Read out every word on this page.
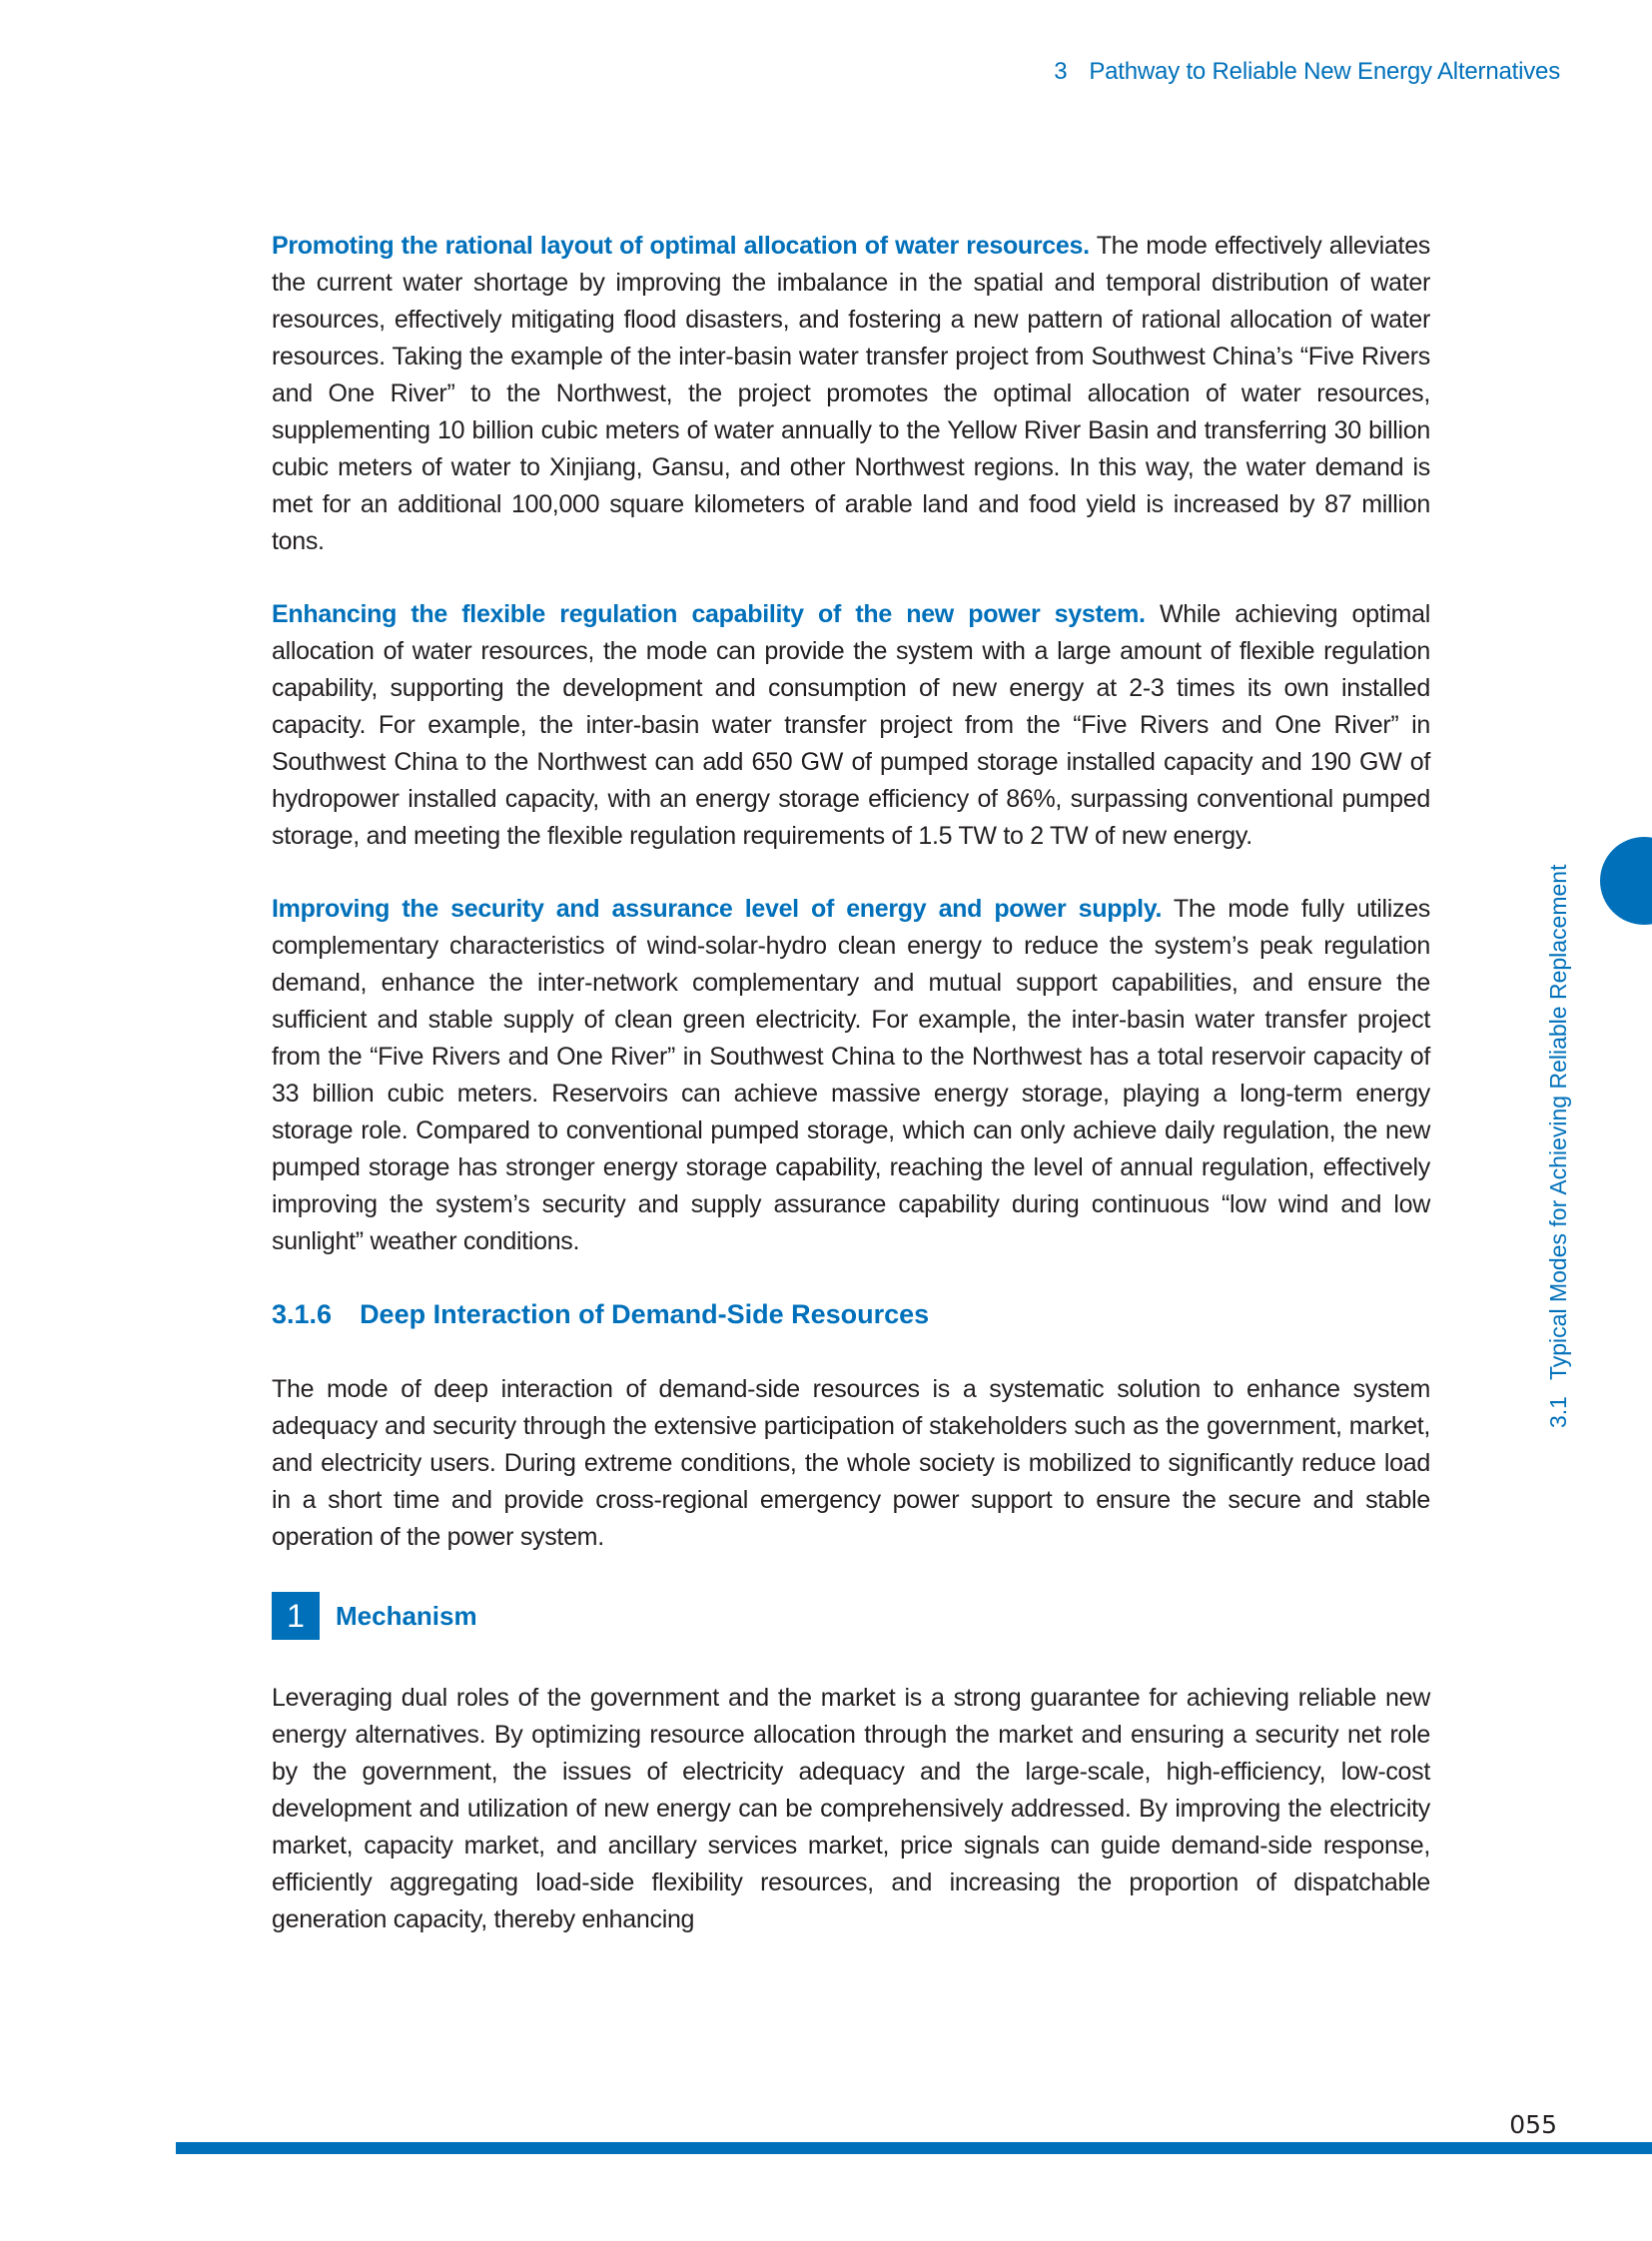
3 Pathway to Reliable New Energy Alternatives

Promoting the rational layout of optimal allocation of water resources. The mode effectively alleviates the current water shortage by improving the imbalance in the spatial and temporal distribution of water resources, effectively mitigating flood disasters, and fostering a new pattern of rational allocation of water resources. Taking the example of the inter-basin water transfer project from Southwest China’s “Five Rivers and One River” to the Northwest, the project promotes the optimal allocation of water resources, supplementing 10 billion cubic meters of water annually to the Yellow River Basin and transferring 30 billion cubic meters of water to Xinjiang, Gansu, and other Northwest regions. In this way, the water demand is met for an additional 100,000 square kilometers of arable land and food yield is increased by 87 million tons.

Enhancing the flexible regulation capability of the new power system. While achieving optimal allocation of water resources, the mode can provide the system with a large amount of flexible regulation capability, supporting the development and consumption of new energy at 2-3 times its own installed capacity. For example, the inter-basin water transfer project from the “Five Rivers and One River” in Southwest China to the Northwest can add 650 GW of pumped storage installed capacity and 190 GW of hydropower installed capacity, with an energy storage efficiency of 86%, surpassing conventional pumped storage, and meeting the flexible regulation requirements of 1.5 TW to 2 TW of new energy.

Improving the security and assurance level of energy and power supply. The mode fully utilizes complementary characteristics of wind-solar-hydro clean energy to reduce the system’s peak regulation demand, enhance the inter-network complementary and mutual support capabilities, and ensure the sufficient and stable supply of clean green electricity. For example, the inter-basin water transfer project from the “Five Rivers and One River” in Southwest China to the Northwest has a total reservoir capacity of 33 billion cubic meters. Reservoirs can achieve massive energy storage, playing a long-term energy storage role. Compared to conventional pumped storage, which can only achieve daily regulation, the new pumped storage has stronger energy storage capability, reaching the level of annual regulation, effectively improving the system’s security and supply assurance capability during continuous “low wind and low sunlight” weather conditions.

3.1.6 Deep Interaction of Demand-Side Resources

The mode of deep interaction of demand-side resources is a systematic solution to enhance system adequacy and security through the extensive participation of stakeholders such as the government, market, and electricity users. During extreme conditions, the whole society is mobilized to significantly reduce load in a short time and provide cross-regional emergency power support to ensure the secure and stable operation of the power system.

1	Mechanism

Leveraging dual roles of the government and the market is a strong guarantee for achieving reliable new energy alternatives. By optimizing resource allocation through the market and ensuring a security net role by the government, the issues of electricity adequacy and the large-scale, high-efficiency, low-cost development and utilization of new energy can be comprehensively addressed. By improving the electricity market, capacity market, and ancillary services market, price signals can guide demand-side response, efficiently aggregating load-side flexibility resources, and increasing the proportion of dispatchable generation capacity, thereby enhancing

3.1Typical Modes for Achieving Reliable Replacement
055
